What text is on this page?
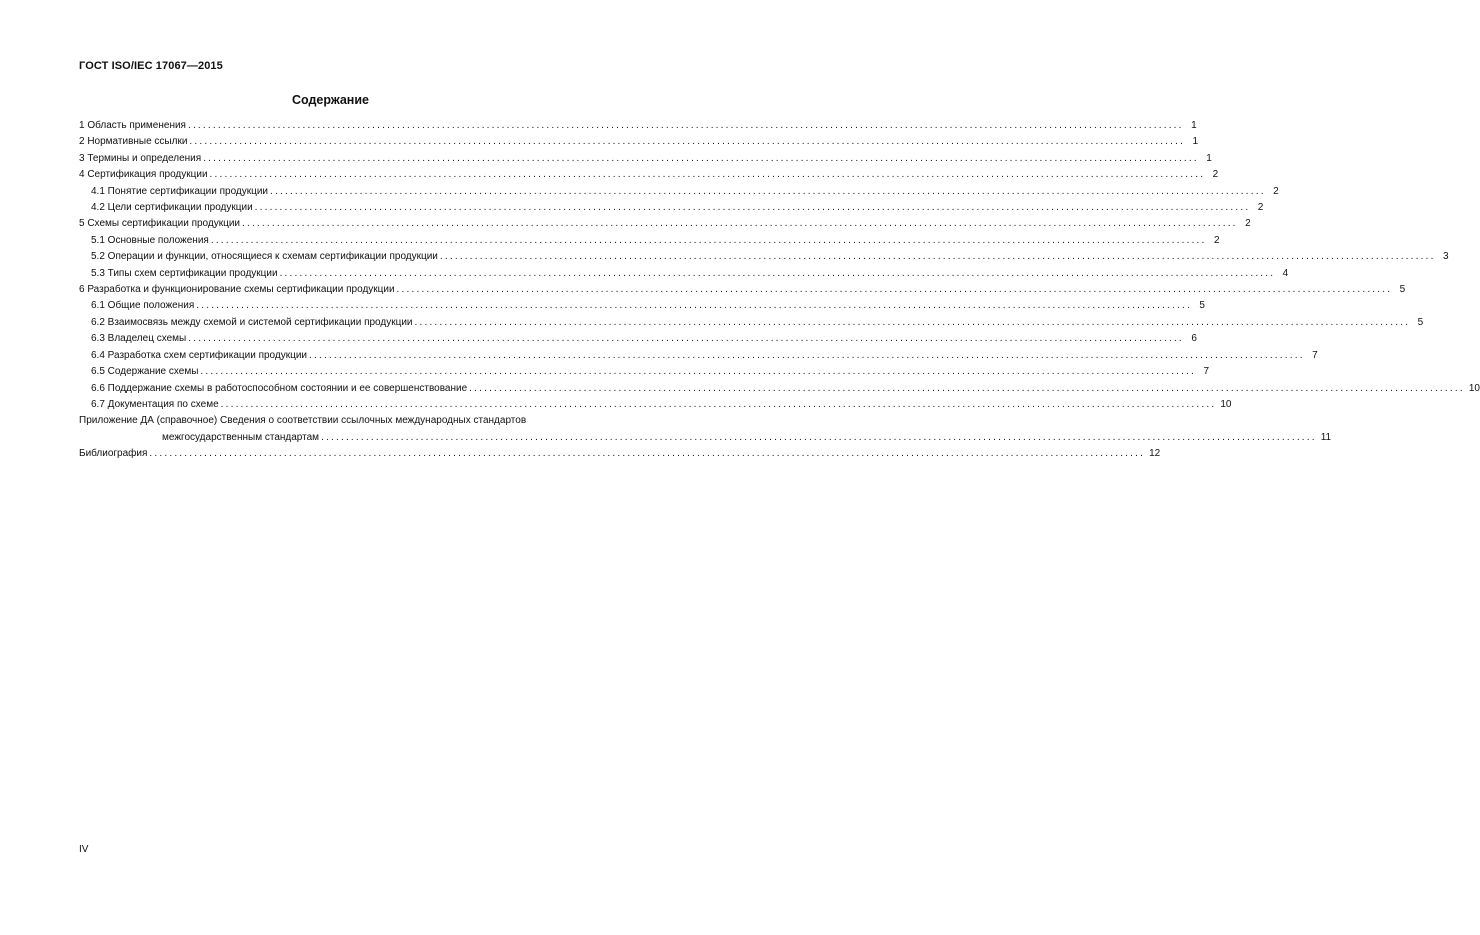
ГОСТ ISO/IEC 17067—2015
Содержание
1 Область применения ........................................................................................................................................................................................................ 1
2 Нормативные ссылки ........................................................................................................................................................................................................ 1
3 Термины и определения ........................................................................................................................................................................................................ 1
4 Сертификация продукции ........................................................................................................................................................................................................ 2
4.1 Понятие сертификации продукции ........................................................................................................................................................................................................ 2
4.2 Цели сертификации продукции ........................................................................................................................................................................................................ 2
5 Схемы сертификации продукции ........................................................................................................................................................................................................ 2
5.1 Основные положения ........................................................................................................................................................................................................ 2
5.2 Операции и функции, относящиеся к схемам сертификации продукции ........................................................................................................................................................................................................ 3
5.3 Типы схем сертификации продукции ........................................................................................................................................................................................................ 4
6 Разработка и функционирование схемы сертификации продукции ........................................................................................................................................................................................................ 5
6.1 Общие положения ........................................................................................................................................................................................................ 5
6.2 Взаимосвязь между схемой и системой сертификации продукции ........................................................................................................................................................................................................ 5
6.3 Владелец схемы ........................................................................................................................................................................................................ 6
6.4 Разработка схем сертификации продукции ........................................................................................................................................................................................................ 7
6.5 Содержание схемы ........................................................................................................................................................................................................ 7
6.6 Поддержание схемы в работоспособном состоянии и ее совершенствование ........................................................................................................................................................................................................ 10
6.7 Документация по схеме ........................................................................................................................................................................................................ 10
Приложение ДА (справочное) Сведения о соответствии ссылочных международных стандартов
межгосударственным стандартам ........................................................................................................................................................................................................ 11
Библиография ........................................................................................................................................................................................................ 12
IV
